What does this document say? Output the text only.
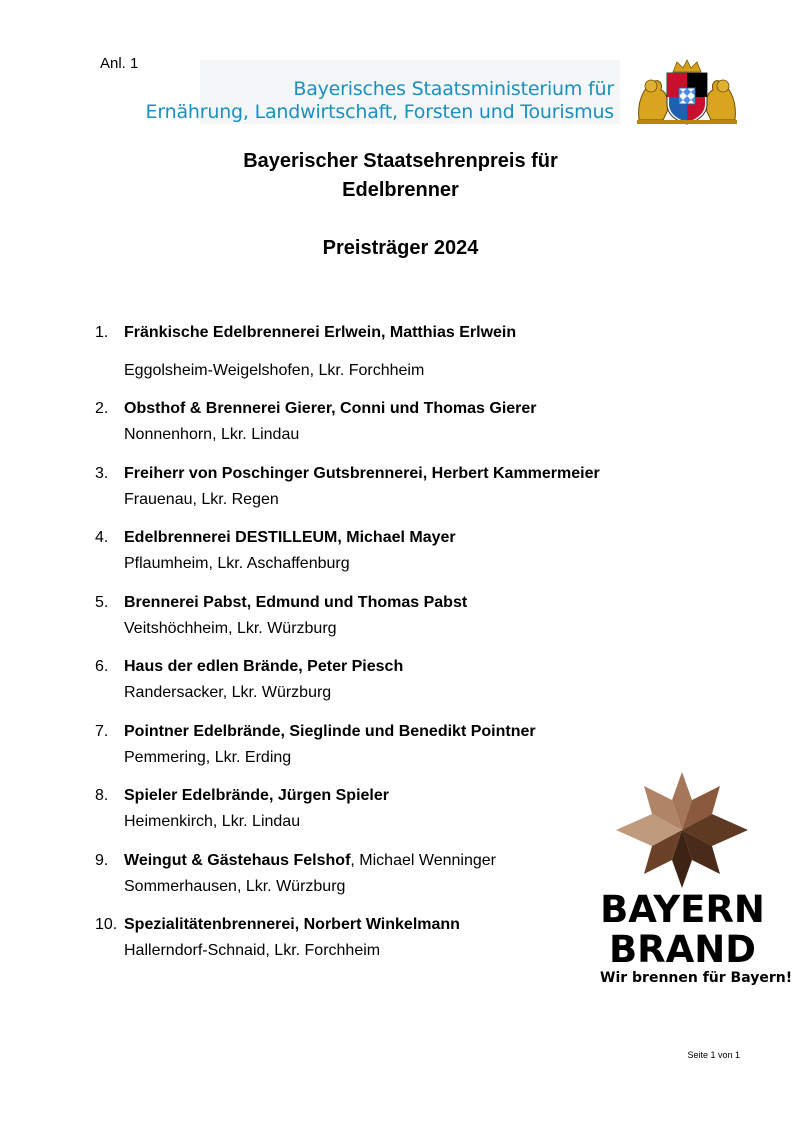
Anl. 1
Bayerisches Staatsministerium für
Ernährung, Landwirtschaft, Forsten und Tourismus
Bayerischer Staatsehrenpreis für
Edelbrenner
Preisträger 2024
1. Fränkische Edelbrennerei Erlwein, Matthias Erlwein
Eggolsheim-Weigelshofen, Lkr. Forchheim
2. Obsthof & Brennerei Gierer, Conni und Thomas Gierer
Nonnenhorn, Lkr. Lindau
3. Freiherr von Poschinger Gutsbrennerei, Herbert Kammermeier
Frauenau, Lkr. Regen
4. Edelbrennerei DESTILLEUM, Michael Mayer
Pflaumheim, Lkr. Aschaffenburg
5. Brennerei Pabst, Edmund und Thomas Pabst
Veitshöchheim, Lkr. Würzburg
6. Haus der edlen Brände, Peter Piesch
Randersacker, Lkr. Würzburg
7. Pointner Edelbrände, Sieglinde und Benedikt Pointner
Pemmering, Lkr. Erding
8. Spieler Edelbrände, Jürgen Spieler
Heimenkirch, Lkr. Lindau
9. Weingut & Gästehaus Felshof, Michael Wenninger
Sommerhausen, Lkr. Würzburg
10. Spezialitätenbrennerei, Norbert Winkelmann
Hallerndorf-Schnaid, Lkr. Forchheim
BAYERN
BRAND
Wir brennen für Bayern!
Seite 1 von 1
